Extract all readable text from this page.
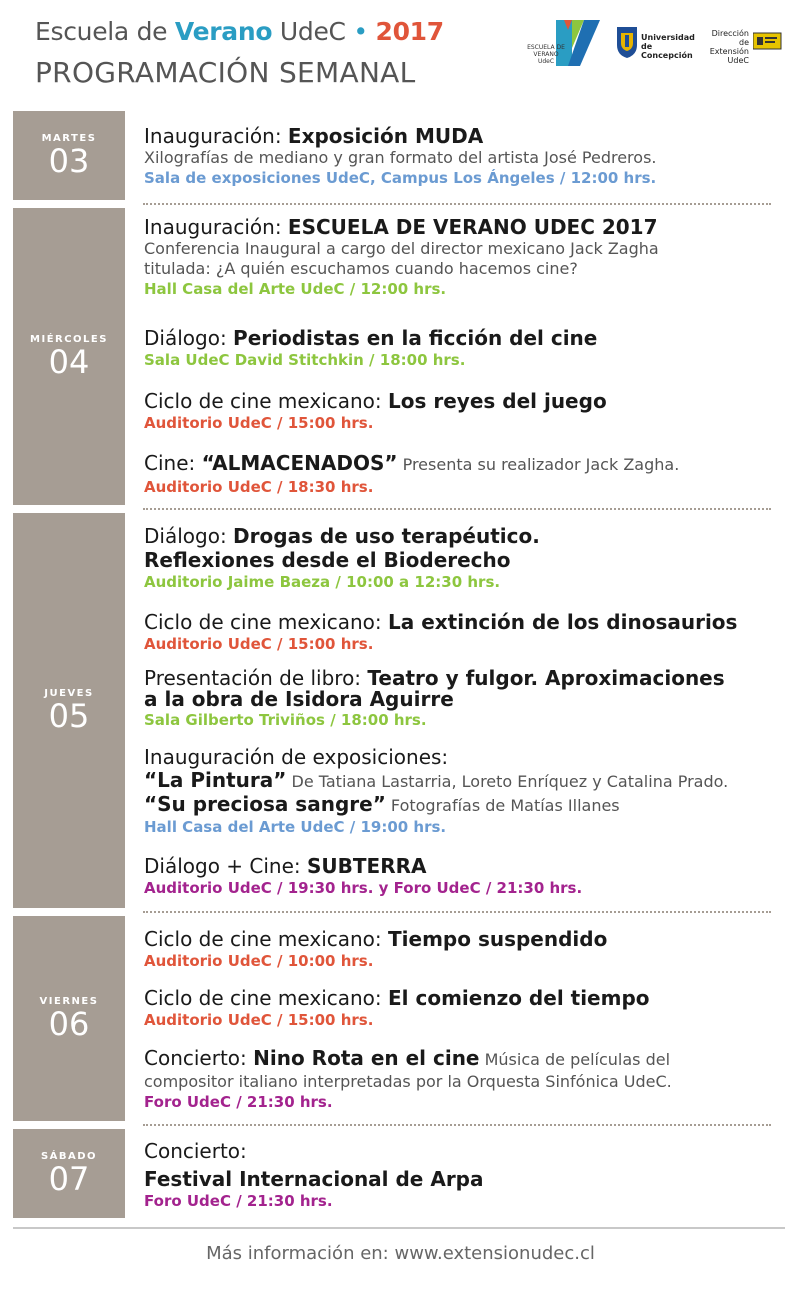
Escuela de Verano UdeC • 2017
PROGRAMACIÓN SEMANAL
ESCUELA DE VERANO UdeC
Universidad de Concepción
Dirección de Extensión UdeC
MARTES
03
MIÉRCOLES
04
JUEVES
05
VIERNES
06
SÁBADO
07
Inauguración: Exposición MUDA
Xilografías de mediano y gran formato del artista José Pedreros.
Sala de exposiciones UdeC, Campus Los Ángeles / 12:00 hrs.
Inauguración: ESCUELA DE VERANO UDEC 2017
Conferencia Inaugural a cargo del director mexicano Jack Zagha
titulada: ¿A quién escuchamos cuando hacemos cine?
Hall Casa del Arte UdeC / 12:00 hrs.
Diálogo: Periodistas en la ficción del cine
Sala UdeC David Stitchkin / 18:00 hrs.
Ciclo de cine mexicano: Los reyes del juego
Auditorio UdeC / 15:00 hrs.
Cine: “ALMACENADOS” Presenta su realizador Jack Zagha.
Auditorio UdeC / 18:30 hrs.
Diálogo: Drogas de uso terapéutico.
Reflexiones desde el Bioderecho
Auditorio Jaime Baeza / 10:00 a 12:30 hrs.
Ciclo de cine mexicano: La extinción de los dinosaurios
Auditorio UdeC / 15:00 hrs.
Presentación de libro: Teatro y fulgor. Aproximaciones
a la obra de Isidora Aguirre
Sala Gilberto Triviños / 18:00 hrs.
Inauguración de exposiciones:
“La Pintura” De Tatiana Lastarria, Loreto Enríquez y Catalina Prado.
“Su preciosa sangre” Fotografías de Matías Illanes
Hall Casa del Arte UdeC / 19:00 hrs.
Diálogo + Cine: SUBTERRA
Auditorio UdeC / 19:30 hrs. y Foro UdeC / 21:30 hrs.
Ciclo de cine mexicano: Tiempo suspendido
Auditorio UdeC / 10:00 hrs.
Ciclo de cine mexicano: El comienzo del tiempo
Auditorio UdeC / 15:00 hrs.
Concierto: Nino Rota en el cine Música de películas del
compositor italiano interpretadas por la Orquesta Sinfónica UdeC.
Foro UdeC / 21:30 hrs.
Concierto:
Festival Internacional de Arpa
Foro UdeC / 21:30 hrs.
Más información en: www.extensionudec.cl
